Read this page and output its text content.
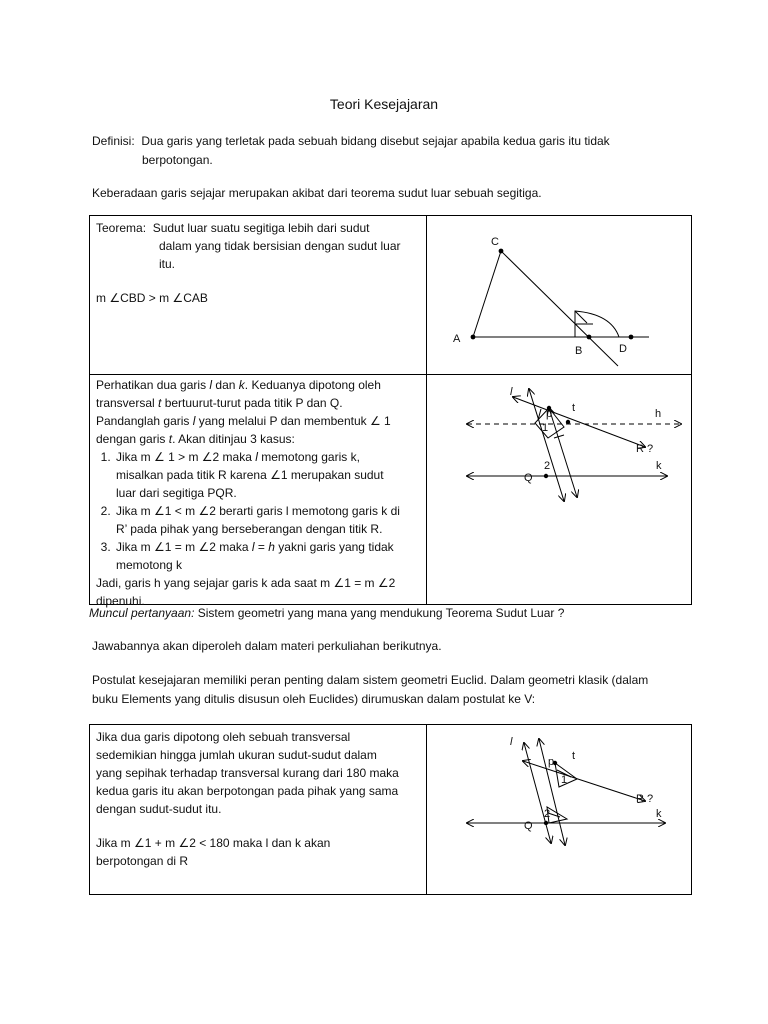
Teori Kesejajaran
Definisi: Dua garis yang terletak pada sebuah bidang disebut sejajar apabila kedua garis itu tidak
berpotongan.
Keberadaan garis sejajar merupakan akibat dari teorema sudut luar sebuah segitiga.
Teorema: Sudut luar suatu segitiga lebih dari sudut
dalam yang tidak bersisian dengan sudut luar
itu.
m ∠CBD > m ∠CAB
C
A
B	D
Perhatikan dua garis l dan k. Keduanya dipotong oleh
transversal t bertuurut-turut pada titik P dan Q.
Pandanglah garis l yang melalui P dan membentuk ∠ 1
dengan garis t. Akan ditinjau 3 kasus:
1. Jika m ∠ 1 > m ∠2 maka l memotong garis k,
misalkan pada titik R karena ∠1 merupakan sudut
luar dari segitiga PQR.
2. Jika m ∠1 < m ∠2 berarti garis l memotong garis k di
R’ pada pihak yang berseberangan dengan titik R.
3. Jika m ∠1 = m ∠2 maka l = h yakni garis yang tidak
memotong k
Jadi, garis h yang sejajar garis k ada saat m ∠1 = m ∠2
dipenuhi.
l
p t	h
1
R ?
2	k
Q
Muncul pertanyaan: Sistem geometri yang mana yang mendukung Teorema Sudut Luar ?
Jawabannya akan diperoleh dalam materi perkuliahan berikutnya.
Postulat kesejajaran memiliki peran penting dalam sistem geometri Euclid. Dalam geometri klasik (dalam
buku Elements yang ditulis disusun oleh Euclides) dirumuskan dalam postulat ke V:
Jika dua garis dipotong oleh sebuah transversal
sedemikian hingga jumlah ukuran sudut-sudut dalam
yang sepihak terhadap transversal kurang dari 180 maka
kedua garis itu akan berpotongan pada pihak yang sama
dengan sudut-sudut itu.
Jika m ∠1 + m ∠2 < 180 maka l dan k akan
berpotongan di R
l
p t
1
R ?
2	k
Q
